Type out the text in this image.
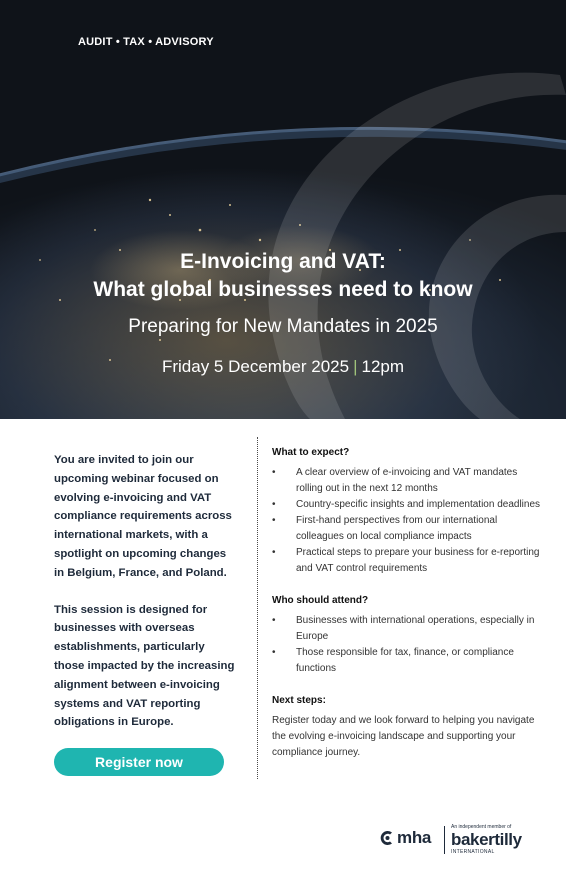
AUDIT • TAX • ADVISORY
E-Invoicing and VAT:
What global businesses need to know
Preparing for New Mandates in 2025
Friday 5 December 2025 | 12pm

You are invited to join our upcoming webinar focused on evolving e-invoicing and VAT compliance requirements across international markets, with a spotlight on upcoming changes in Belgium, France, and Poland.

This session is designed for businesses with overseas establishments, particularly those impacted by the increasing alignment between e-invoicing systems and VAT reporting obligations in Europe.

Register now
What to expect?
• A clear overview of e-invoicing and VAT mandates rolling out in the next 12 months
• Country-specific insights and implementation deadlines
• First-hand perspectives from our international colleagues on local compliance impacts
• Practical steps to prepare your business for e-reporting and VAT control requirements
Who should attend?
• Businesses with international operations, especially in Europe
• Those responsible for tax, finance, or compliance functions
Next steps:

Register today and we look forward to helping you navigate the evolving e-invoicing landscape and supporting your compliance journey.

mha
An independent member of
bakertilly
INTERNATIONAL
